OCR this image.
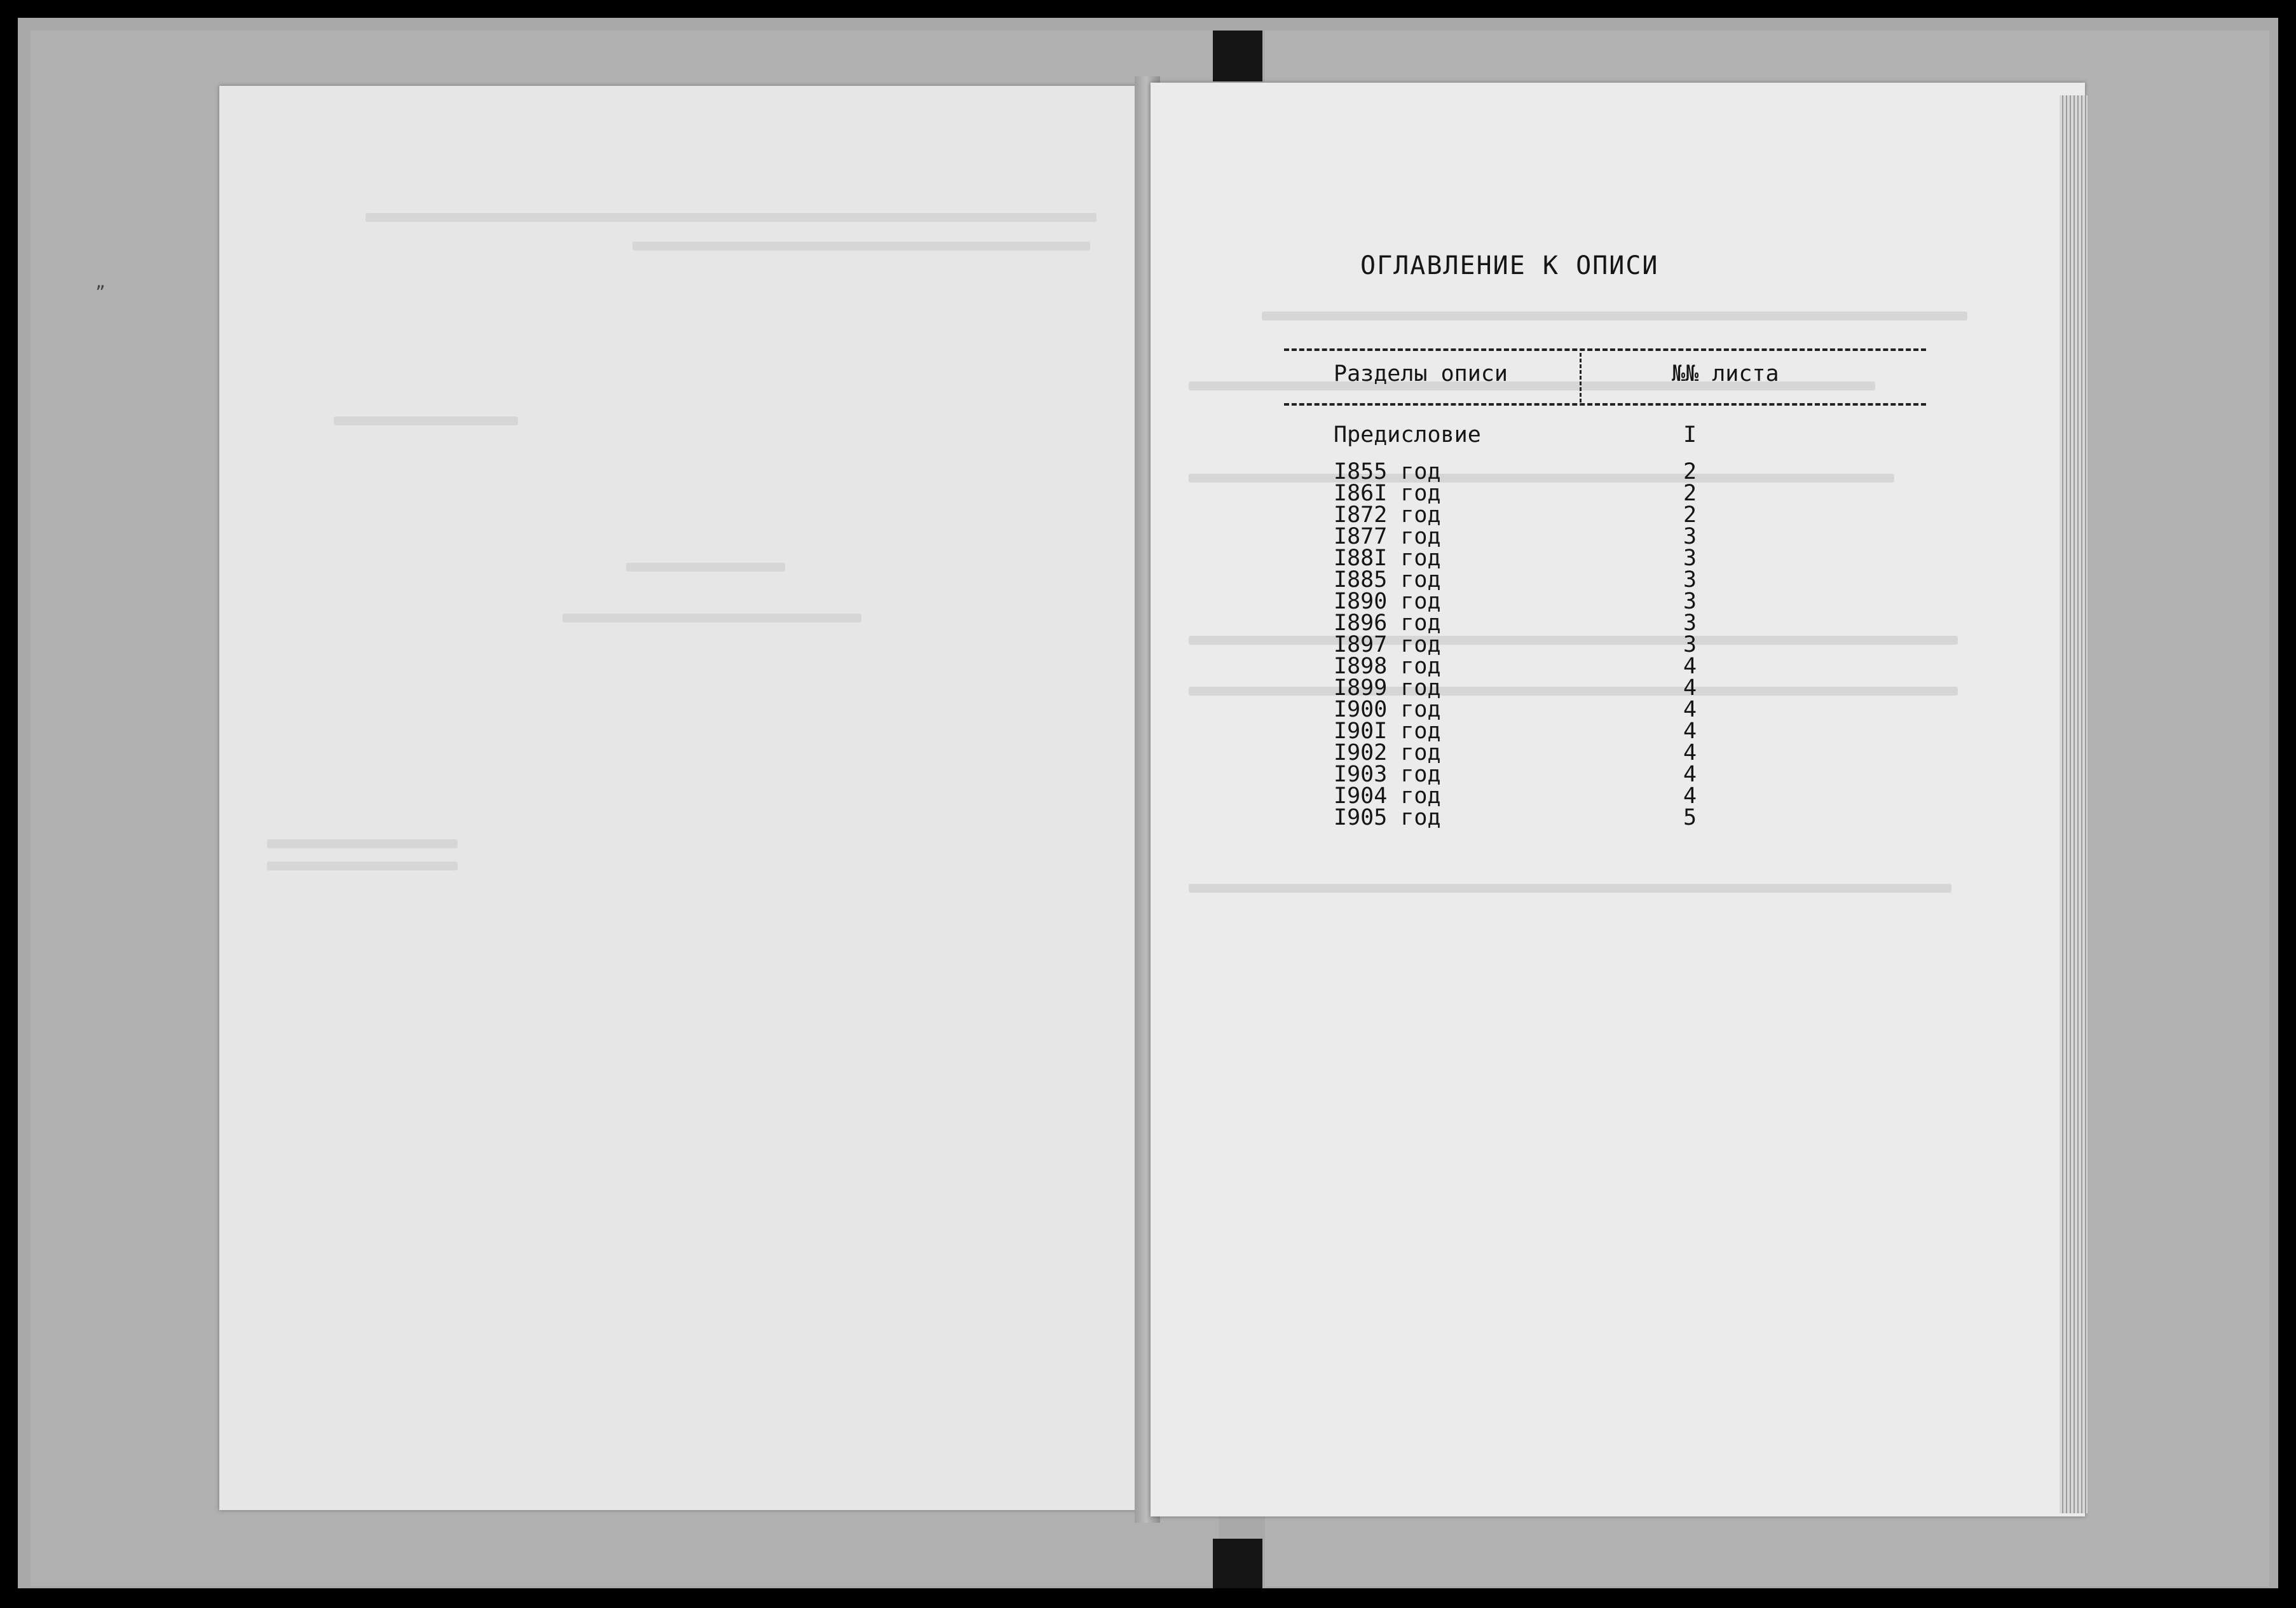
”
ОГЛАВЛЕНИЕ К ОПИСИ
Разделы описи	№№ листа
Предисловие	I
I855 год	2
I86I год	2
I872 год	2
I877 год	3
I88I год	3
I885 год	3
I890 год	3
I896 год	3
I897 год	3
I898 год	4
I899 год	4
I900 год	4
I90I год	4
I902 год	4
I903 год	4
I904 год	4
I905 год	5
